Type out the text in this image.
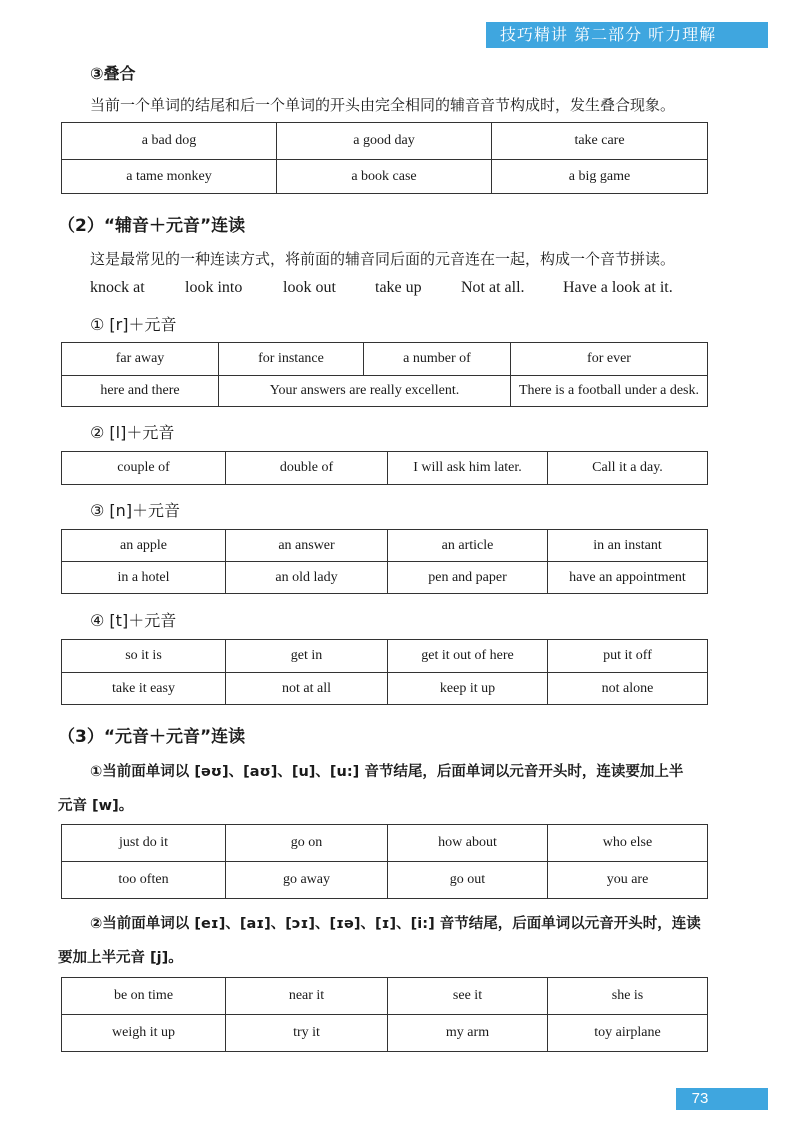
技巧精讲 第二部分 听力理解
③叠合
当前一个单词的结尾和后一个单词的开头由完全相同的辅音音节构成时，发生叠合现象。
a bad dog	a good day	take care
a tame monkey	a book case	a big game
（2）“辅音＋元音”连读
这是最常见的一种连读方式，将前面的辅音同后面的元音连在一起，构成一个音节拼读。
knock at	look into	look out take up Not at all. Have a look at it.
① [r]＋元音
far away	for instance	a number of	for ever
here and there	Your answers are really excellent.		There is a football under a desk.
② [l]＋元音
couple of	double of	I will ask him later.	Call it a day.
③ [n]＋元音
an apple	an answer	an article	in an instant
in a hotel	an old lady	pen and paper	have an appointment
④ [t]＋元音
so it is	get in	get it out of here	put it off
take it easy	not at all	keep it up	not alone
（3）“元音＋元音”连读
①当前面单词以 [əʊ]、[aʊ]、[u]、[u:] 音节结尾，后面单词以元音开头时，连读要加上半
元音 [w]。
just do it	go on	how about	who else
too often	go away	go out	you are
②当前面单词以 [eɪ]、[aɪ]、[ɔɪ]、[ɪə]、[ɪ]、[i:] 音节结尾，后面单词以元音开头时，连读
要加上半元音 [j]。
be on time	near it	see it	she is
weigh it up	try it	my arm	toy airplane
73
